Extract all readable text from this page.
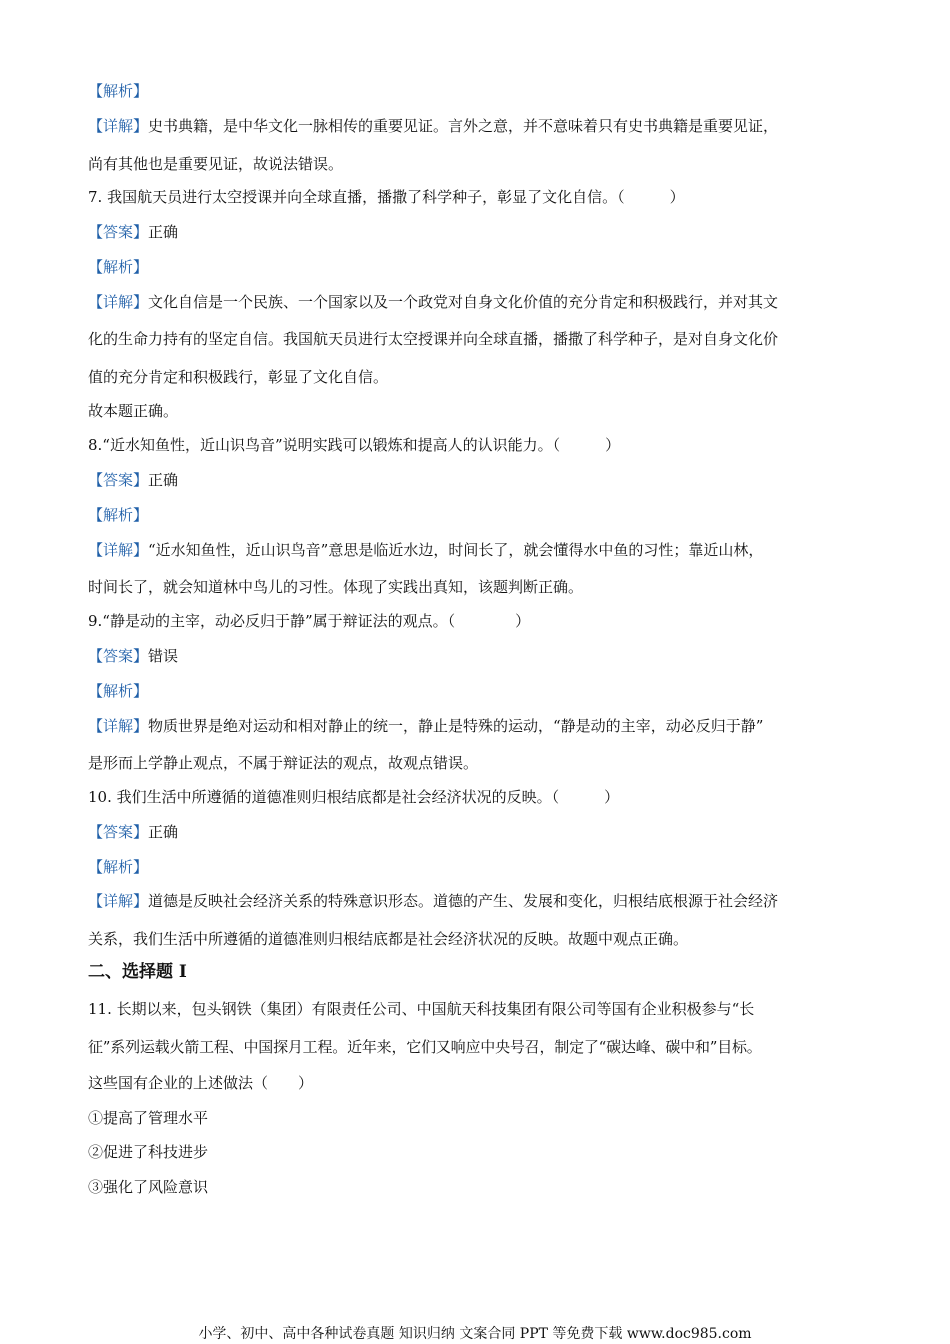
【解析】
【详解】史书典籍，是中华文化一脉相传的重要见证。言外之意，并不意味着只有史书典籍是重要见证，
尚有其他也是重要见证，故说法错误。
7. 我国航天员进行太空授课并向全球直播，播撒了科学种子，彰显了文化自信。（　　　）
【答案】正确
【解析】
【详解】文化自信是一个民族、一个国家以及一个政党对自身文化价值的充分肯定和积极践行，并对其文
化的生命力持有的坚定自信。我国航天员进行太空授课并向全球直播，播撒了科学种子，是对自身文化价
值的充分肯定和积极践行，彰显了文化自信。
故本题正确。
8.“近水知鱼性，近山识鸟音”说明实践可以锻炼和提高人的认识能力。（　　　）
【答案】正确
【解析】
【详解】“近水知鱼性，近山识鸟音”意思是临近水边，时间长了，就会懂得水中鱼的习性；靠近山林，
时间长了，就会知道林中鸟儿的习性。体现了实践出真知，该题判断正确。
9.“静是动的主宰，动必反归于静”属于辩证法的观点。（　　　　）
【答案】错误
【解析】
【详解】物质世界是绝对运动和相对静止的统一，静止是特殊的运动，“静是动的主宰，动必反归于静”
是形而上学静止观点，不属于辩证法的观点，故观点错误。
10. 我们生活中所遵循的道德准则归根结底都是社会经济状况的反映。（　　　）
【答案】正确
【解析】
【详解】道德是反映社会经济关系的特殊意识形态。道德的产生、发展和变化，归根结底根源于社会经济
关系，我们生活中所遵循的道德准则归根结底都是社会经济状况的反映。故题中观点正确。
二、选择题 I
11. 长期以来，包头钢铁（集团）有限责任公司、中国航天科技集团有限公司等国有企业积极参与“长
征”系列运载火箭工程、中国探月工程。近年来，它们又响应中央号召，制定了“碳达峰、碳中和”目标。
这些国有企业的上述做法（　　）
①提高了管理水平
②促进了科技进步
③强化了风险意识
小学、初中、高中各种试卷真题 知识归纳 文案合同 PPT 等免费下载 www.doc985.com
